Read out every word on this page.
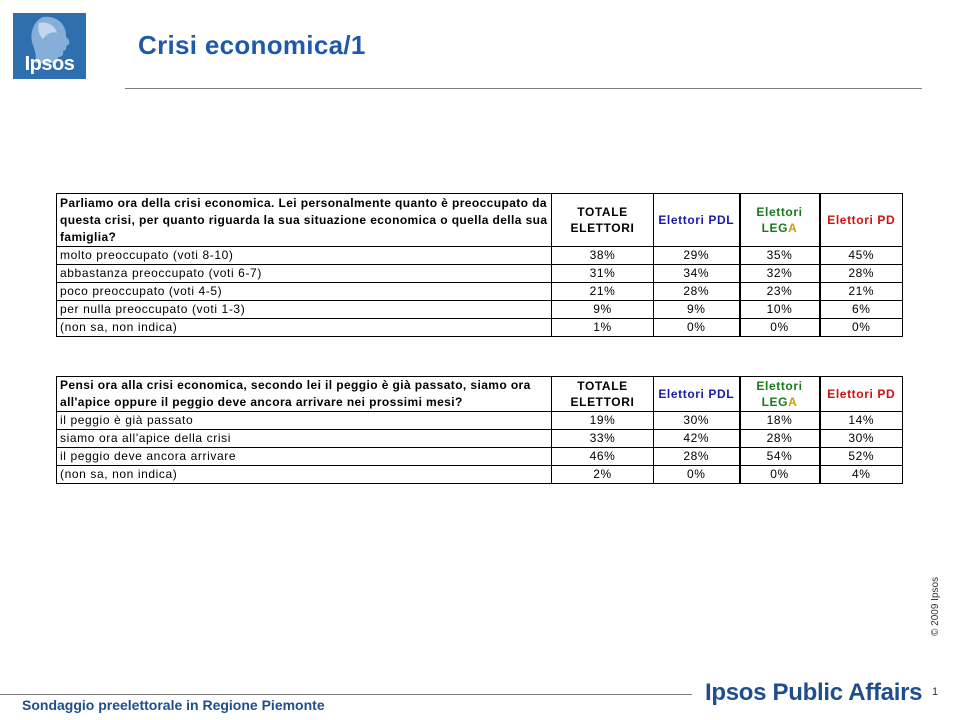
Ipsos
Crisi economica/1
Parliamo ora della crisi economica. Lei personalmente quanto è preoccupato da questa crisi, per quanto riguarda la sua situazione economica o quella della sua famiglia?	TOTALE ELETTORI	Elettori PDL	Elettori LEGA	Elettori PD
molto preoccupato (voti 8-10)	38%	29%	35%	45%
abbastanza preoccupato (voti 6-7)	31%	34%	32%	28%
poco preoccupato (voti 4-5)	21%	28%	23%	21%
per nulla preoccupato (voti 1-3)	9%	9%	10%	6%
(non sa, non indica)	1%	0%	0%	0%
Pensi ora alla crisi economica, secondo lei il peggio è già passato, siamo ora all'apice oppure il peggio deve ancora arrivare nei prossimi mesi?	TOTALE ELETTORI	Elettori PDL	Elettori LEGA	Elettori PD
il peggio è già passato	19%	30%	18%	14%
siamo ora all'apice della crisi	33%	42%	28%	30%
il peggio deve ancora arrivare	46%	28%	54%	52%
(non sa, non indica)	2%	0%	0%	4%
© 2009 Ipsos
Sondaggio preelettorale in Regione Piemonte	Ipsos Public Affairs 1
